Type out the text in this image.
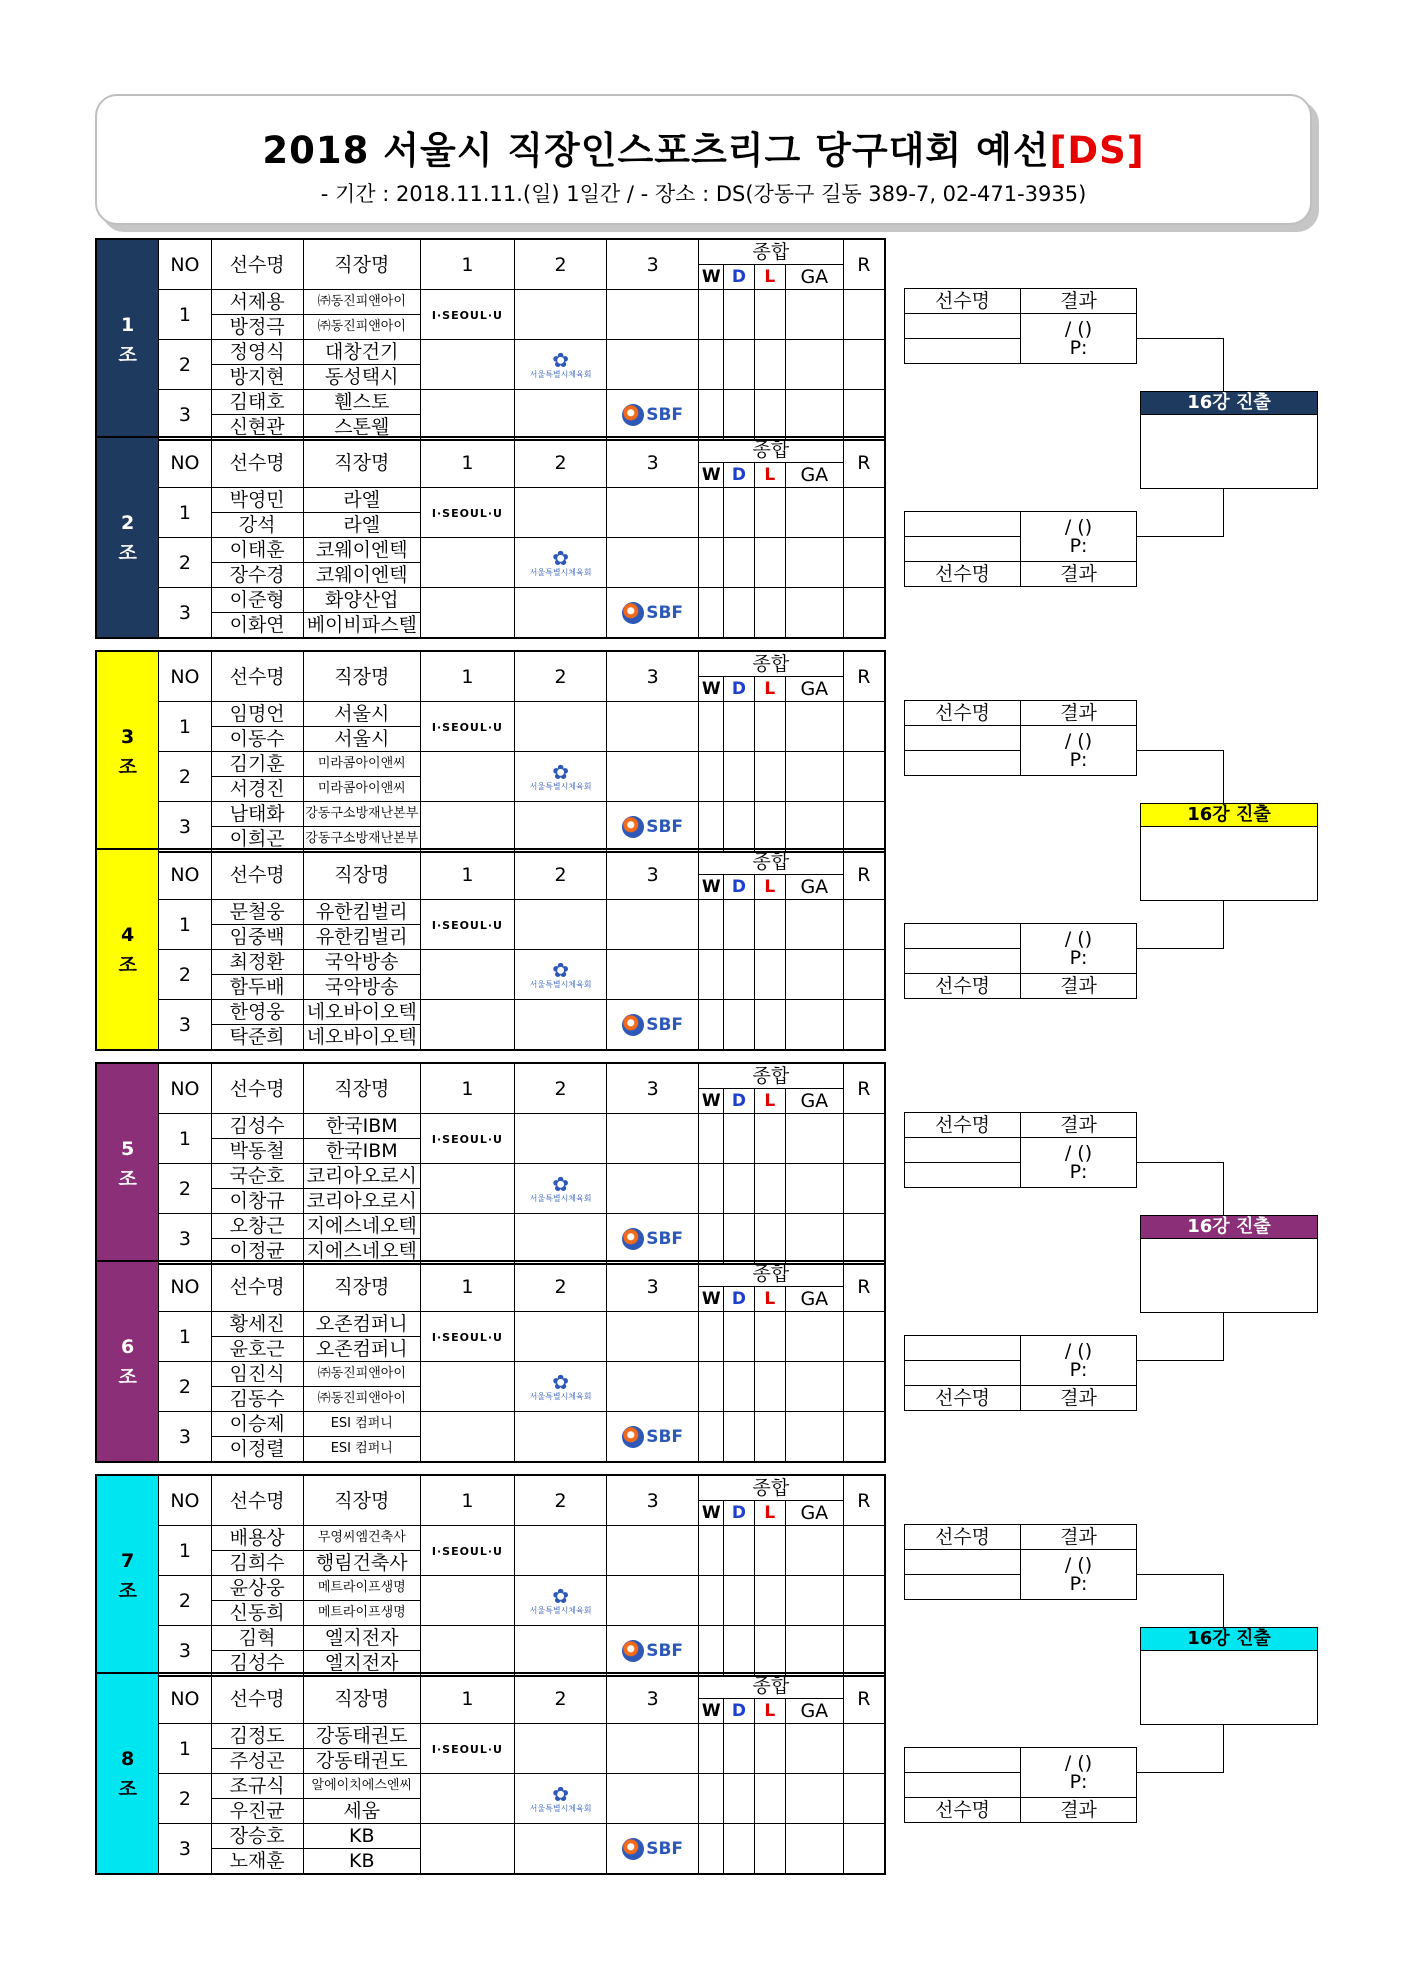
2018 서울시 직장인스포츠리그 당구대회 예선[DS]
- 기간 : 2018.11.11.(일) 1일간 / - 장소 : DS(강동구 길동 389-7, 02-471-3935)
1
조	NO	선수명	직장명	1	2	3	종합				R
							W	D	L	GA	
	1	서제용	㈜동진피앤아이	I·SEOUL·U							
		방정극	㈜동진피앤아이								
	2	정영식	대창건기		✿
서울특별시체육회						

		방지현	동성택시								
	3	김태호	휀스토			SBF					

		신현관	스톤웰								
2
조	NO	선수명	직장명	1	2	3	종합				R
							W	D	L	GA	
	1	박영민	라엘	I·SEOUL·U							
		강석	라엘								
	2	이태훈	코웨이엔텍		✿
서울특별시체육회						

		장수경	코웨이엔텍								
	3	이준형	화양산업			SBF					

		이화연	베이비파스텔								
3
조	NO	선수명	직장명	1	2	3	종합				R
							W	D	L	GA	
	1	임명언	서울시	I·SEOUL·U							
		이동수	서울시								
	2	김기훈	미라콤아이앤씨		✿
서울특별시체육회						

		서경진	미라콤아이앤씨								
	3	남태화	강동구소방재난본부			SBF					

		이희곤	강동구소방재난본부								
4
조	NO	선수명	직장명	1	2	3	종합				R
							W	D	L	GA	
	1	문철웅	유한킴벌리	I·SEOUL·U							
		임중백	유한킴벌리								
	2	최정환	국악방송		✿
서울특별시체육회						

		함두배	국악방송								
	3	한영웅	네오바이오텍			SBF					

		탁준희	네오바이오텍								
5
조	NO	선수명	직장명	1	2	3	종합				R
							W	D	L	GA	
	1	김성수	한국IBM	I·SEOUL·U							
		박동철	한국IBM								
	2	국순호	코리아오로시		✿
서울특별시체육회						

		이창규	코리아오로시								
	3	오창근	지에스네오텍			SBF					

		이정균	지에스네오텍								
6
조	NO	선수명	직장명	1	2	3	종합				R
							W	D	L	GA	
	1	황세진	오존컴퍼니	I·SEOUL·U							
		윤호근	오존컴퍼니								
	2	임진식	㈜동진피앤아이		✿
서울특별시체육회						

		김동수	㈜동진피앤아이								
	3	이승제	ESI 컴퍼니			SBF					

		이정렬	ESI 컴퍼니								
7
조	NO	선수명	직장명	1	2	3	종합				R
							W	D	L	GA	
	1	배용상	무영씨엠건축사	I·SEOUL·U							
		김희수	행림건축사								
	2	윤상웅	메트라이프생명		✿
서울특별시체육회						

		신동희	메트라이프생명								
	3	김혁	엘지전자			SBF					

		김성수	엘지전자								
8
조	NO	선수명	직장명	1	2	3	종합				R
							W	D	L	GA	
	1	김정도	강동태권도	I·SEOUL·U							
		주성곤	강동태권도								
	2	조규식	알에이치에스엔씨		✿
서울특별시체육회						

		우진균	세움								
	3	장승호	KB			SBF					

		노재훈	KB								
선수명	결과
	/ ()
P:

	/ ()
P:

선수명	결과
16강 진출
선수명	결과
	/ ()
P:

	/ ()
P:

선수명	결과
16강 진출
선수명	결과
	/ ()
P:

	/ ()
P:

선수명	결과
16강 진출
선수명	결과
	/ ()
P:

	/ ()
P:

선수명	결과
16강 진출
